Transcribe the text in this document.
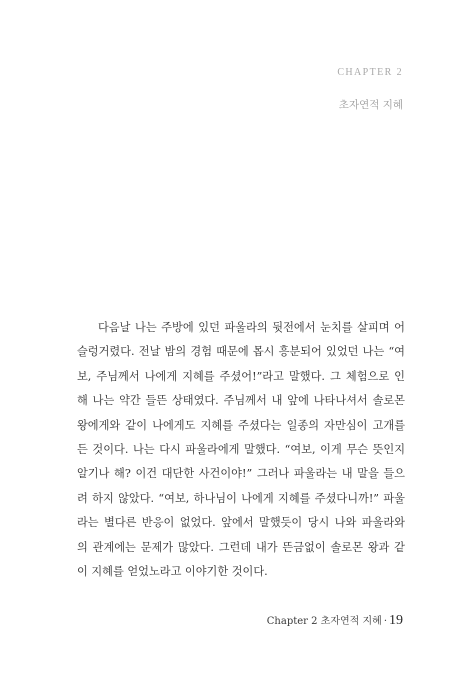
CHAPTER 2
초자연적 지혜
다음날 나는 주방에 있던 파울라의 뒷전에서 눈치를 살피며 어
슬렁거렸다. 전날 밤의 경험 때문에 몹시 흥분되어 있었던 나는 “여
보, 주님께서 나에게 지혜를 주셨어!”라고 말했다. 그 체험으로 인
해 나는 약간 들뜬 상태였다. 주님께서 내 앞에 나타나셔서 솔로몬
왕에게와 같이 나에게도 지혜를 주셨다는 일종의 자만심이 고개를
든 것이다. 나는 다시 파울라에게 말했다. “여보, 이게 무슨 뜻인지
알기나 해? 이건 대단한 사건이야!” 그러나 파울라는 내 말을 들으
려 하지 않았다. “여보, 하나님이 나에게 지혜를 주셨다니까!” 파울
라는 별다른 반응이 없었다. 앞에서 말했듯이 당시 나와 파울라와
의 관계에는 문제가 많았다. 그런데 내가 뜬금없이 솔로몬 왕과 같
이 지혜를 얻었노라고 이야기한 것이다.
Chapter 2 초자연적 지혜 · 19
